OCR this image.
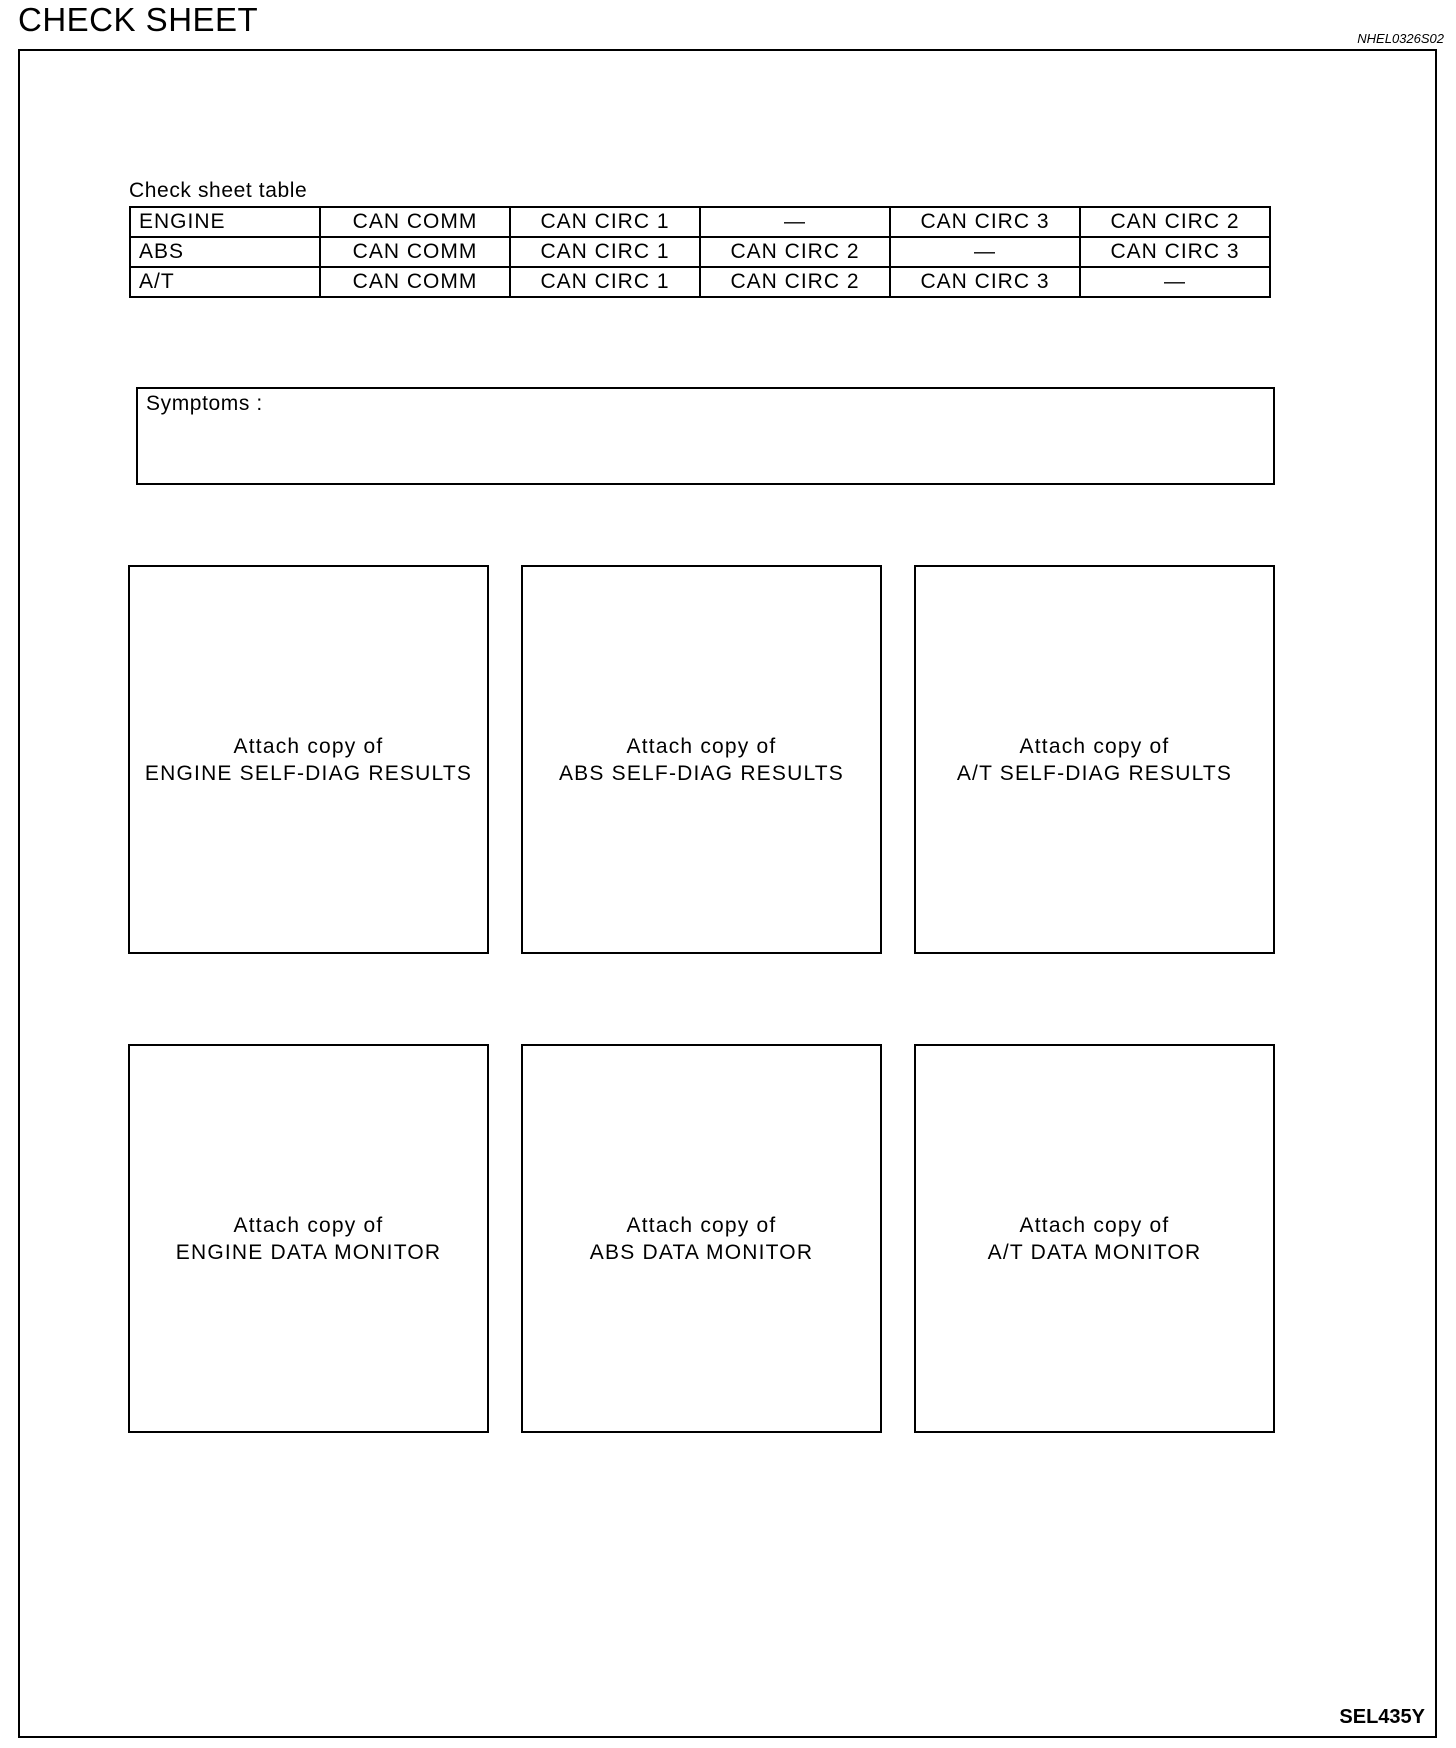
CHECK SHEET
NHEL0326S02
Check sheet table
ENGINE	CAN COMM	CAN CIRC 1	—	CAN CIRC 3	CAN CIRC 2
ABS	CAN COMM	CAN CIRC 1	CAN CIRC 2	—	CAN CIRC 3
A/T	CAN COMM	CAN CIRC 1	CAN CIRC 2	CAN CIRC 3	—
Symptoms :
Attach copy of
ENGINE SELF-DIAG RESULTS
Attach copy of
ABS SELF-DIAG RESULTS
Attach copy of
A/T SELF-DIAG RESULTS
Attach copy of
ENGINE DATA MONITOR
Attach copy of
ABS DATA MONITOR
Attach copy of
A/T DATA MONITOR
SEL435Y
